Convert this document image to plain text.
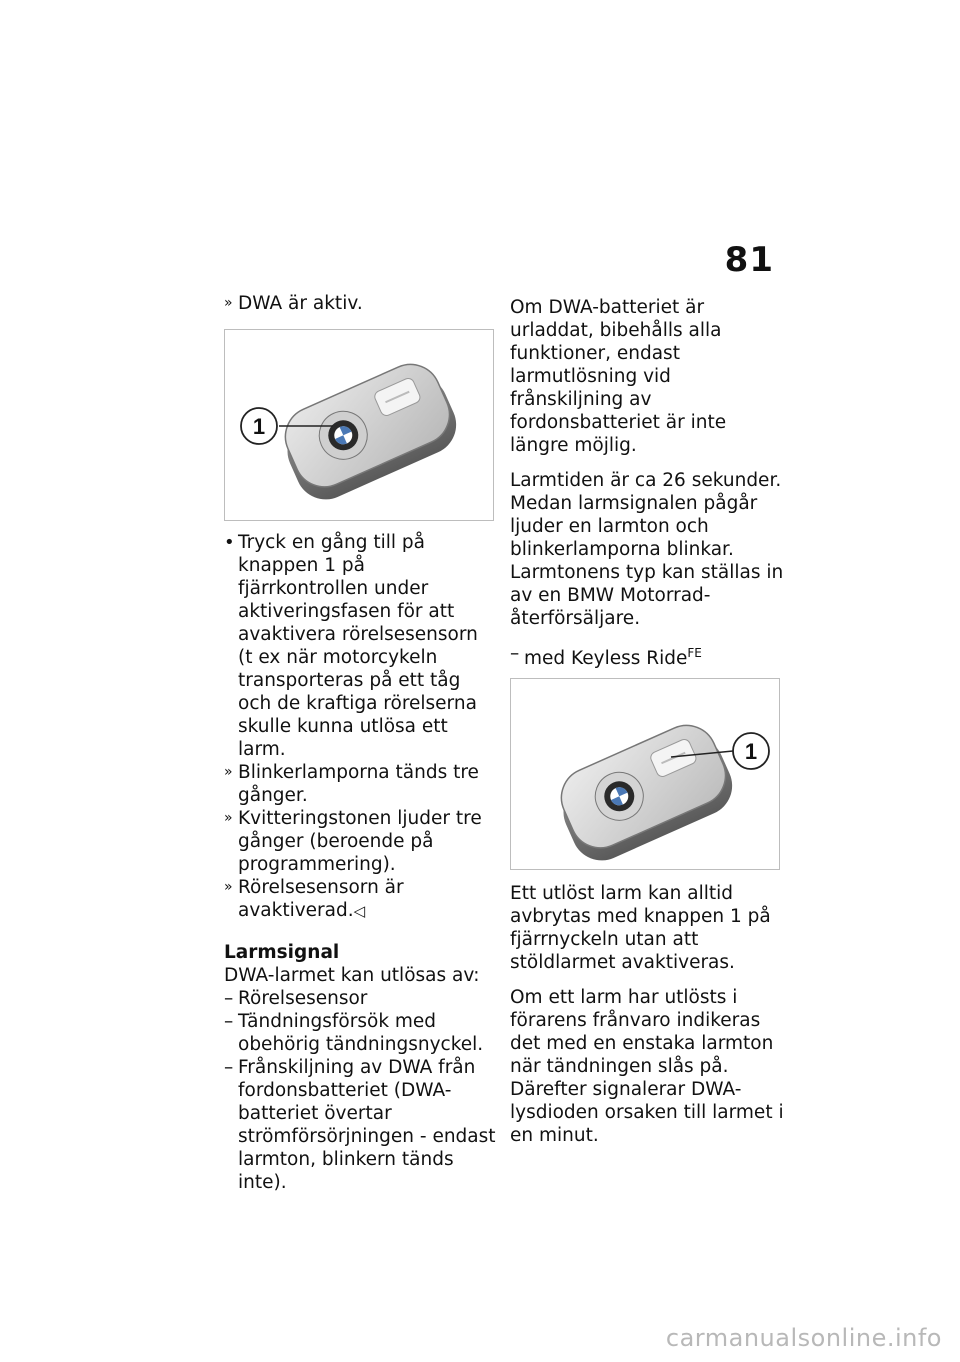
81
» DWA är aktiv.
1
• Tryck en gång till på knappen 1 på fjärrkontrollen under aktiveringsfasen för att avaktivera rörelsesensorn (t ex när motorcykeln transporteras på ett tåg och de kraftiga rörelserna skulle kunna utlösa ett larm.
» Blinkerlamporna tänds tre gånger.
» Kvitteringstonen ljuder tre gånger (beroende på programmering).
» Rörelsesensorn är avaktiverad.◁
Larmsignal
DWA-larmet kan utlösas av:
– Rörelsesensor
– Tändningsförsök med obehörig tändningsnyckel.
– Frånskiljning av DWA från fordonsbatteriet (DWA-batteriet övertar strömförsörjningen - endast larmton, blinkern tänds inte).

Om DWA-batteriet är urladdat, bibehålls alla funktioner, endast larmutlösning vid frånskiljning av fordonsbatteriet är inte längre möjlig.

Larmtiden är ca 26 sekunder. Medan larmsignalen pågår ljuder en larmton och blinkerlamporna blinkar. Larmtonens typ kan ställas in av en BMW Motorrad-återförsäljare.

– med Keyless Ride$^{FE}$
1

Ett utlöst larm kan alltid avbrytas med knappen 1 på fjärrnyckeln utan att stöldlarmet avaktiveras.

Om ett larm har utlösts i förarens frånvaro indikeras det med en enstaka larmton när tändningen slås på. Därefter signalerar DWA-lysdioden orsaken till larmet i en minut.

carmanualsonline.info
